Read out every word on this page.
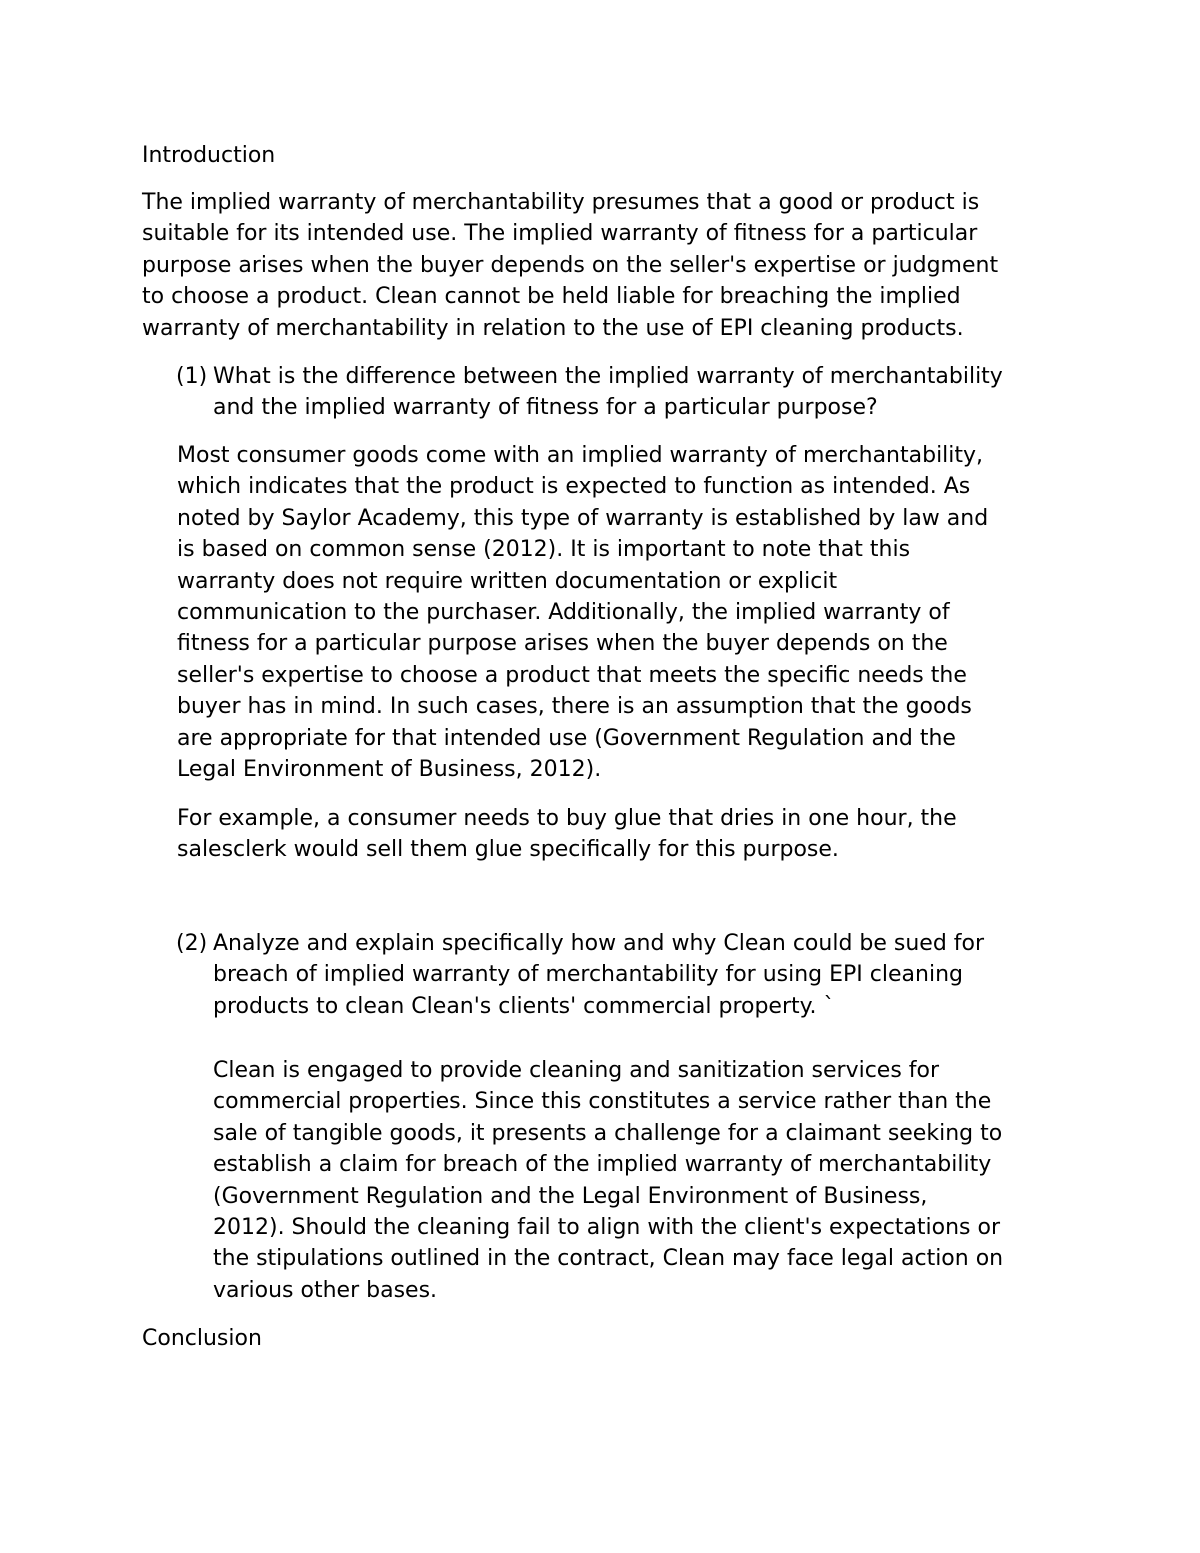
Introduction

The implied warranty of merchantability presumes that a good or product is
suitable for its intended use. The implied warranty of fitness for a particular
purpose arises when the buyer depends on the seller's expertise or judgment
to choose a product. Clean cannot be held liable for breaching the implied
warranty of merchantability in relation to the use of EPI cleaning products.

(1) What is the difference between the implied warranty of merchantability
and the implied warranty of fitness for a particular purpose?

Most consumer goods come with an implied warranty of merchantability,
which indicates that the product is expected to function as intended. As
noted by Saylor Academy, this type of warranty is established by law and
is based on common sense (2012). It is important to note that this
warranty does not require written documentation or explicit
communication to the purchaser. Additionally, the implied warranty of
fitness for a particular purpose arises when the buyer depends on the
seller's expertise to choose a product that meets the specific needs the
buyer has in mind. In such cases, there is an assumption that the goods
are appropriate for that intended use (Government Regulation and the
Legal Environment of Business, 2012).

For example, a consumer needs to buy glue that dries in one hour, the
salesclerk would sell them glue specifically for this purpose.

(2) Analyze and explain specifically how and why Clean could be sued for
breach of implied warranty of merchantability for using EPI cleaning
products to clean Clean's clients' commercial property. `

Clean is engaged to provide cleaning and sanitization services for
commercial properties. Since this constitutes a service rather than the
sale of tangible goods, it presents a challenge for a claimant seeking to
establish a claim for breach of the implied warranty of merchantability
(Government Regulation and the Legal Environment of Business,
2012). Should the cleaning fail to align with the client's expectations or
the stipulations outlined in the contract, Clean may face legal action on
various other bases.

Conclusion
